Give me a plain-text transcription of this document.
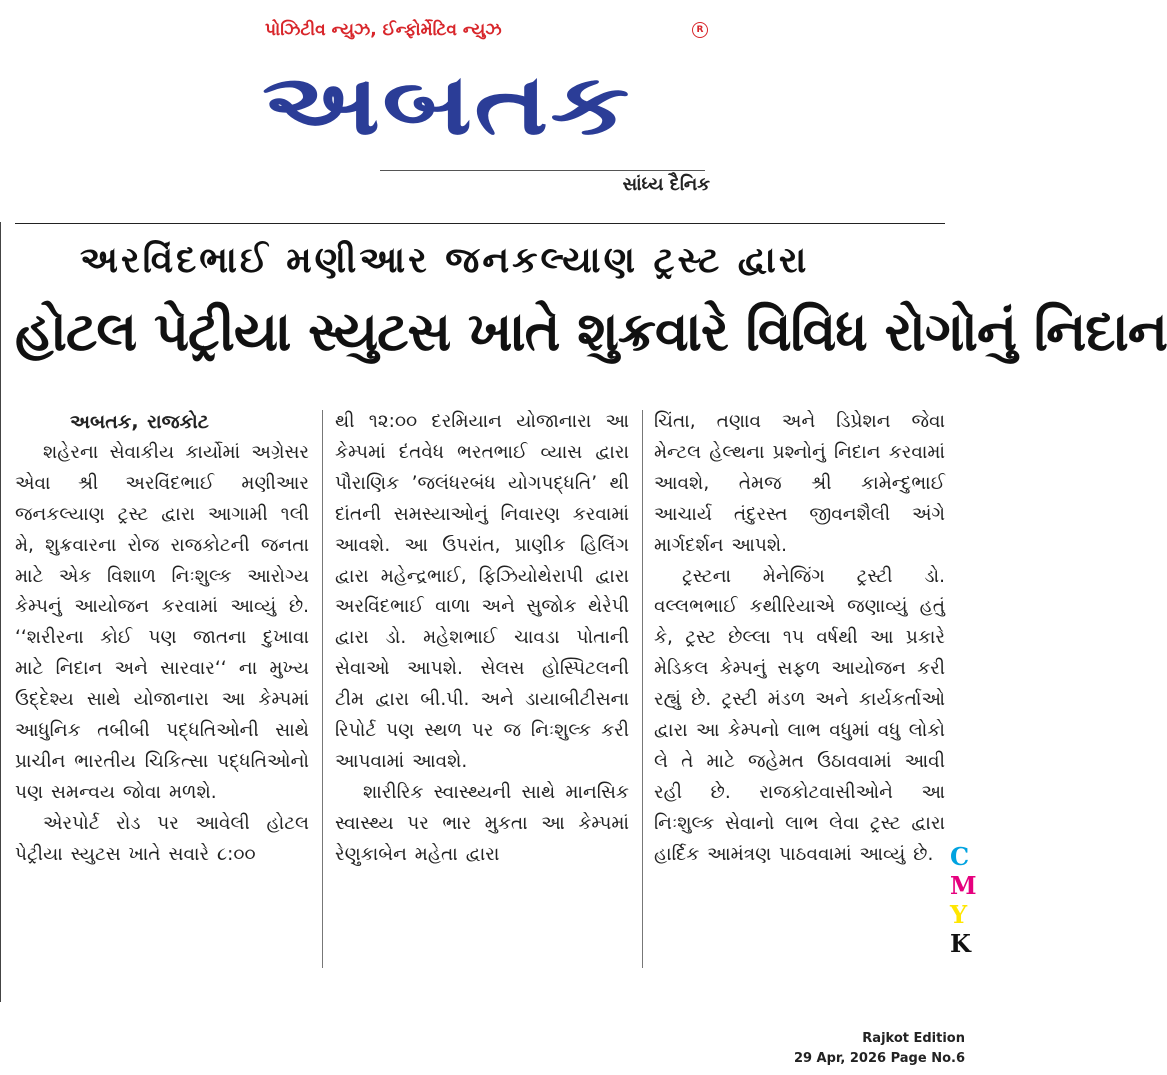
પોઝિટીવ ન્યુઝ, ઈન્ફોર્મેટિવ ન્યુઝ	R
અબતક
સાંધ્ય દૈનિક
અરવિંદભાઈ મણીઆર જનકલ્યાણ ટ્રસ્ટ દ્વારા
હોટલ પેટ્રીયા સ્યુટસ ખાતે શુક્રવારે વિવિધ રોગોનું નિદાન
અબતક, રાજકોટ

શહેરના સેવાકીય કાર્યોમાં અગ્રેસર એવા શ્રી અરવિંદભાઈ મણીઆર જનકલ્યાણ ટ્રસ્ટ દ્વારા આગામી ૧લી મે, શુક્રવારના રોજ રાજકોટની જનતા માટે એક વિશાળ નિઃશુલ્ક આરોગ્ય કેમ્પનું આયોજન કરવામાં આવ્યું છે. ‘‘શરીરના કોઈ પણ જાતના દુખાવા માટે નિદાન અને સારવાર‘‘ ના મુખ્ય ઉદ્દેશ્ય સાથે યોજાનારા આ કેમ્પમાં આધુનિક તબીબી પદ્ધતિઓની સાથે પ્રાચીન ભારતીય ચિકિત્સા પદ્ધતિઓનો પણ સમન્વય જોવા મળશે.

એરપોર્ટ રોડ પર આવેલી હોટલ પેટ્રીયા સ્યુટસ ખાતે સવારે ૮:૦૦

થી ૧૨:૦૦ દરમિયાન યોજાનારા આ કેમ્પમાં દંતવેધ ભરતભાઈ વ્યાસ દ્વારા પૌરાણિક ’જલંધરબંધ યોગપદ્ધતિ’ થી દાંતની સમસ્યાઓનું નિવારણ કરવામાં આવશે. આ ઉપરાંત, પ્રાણીક હિલિંગ દ્વારા મહેન્દ્રભાઈ, ફિઝિયોથેરાપી દ્વારા અરવિંદભાઈ વાળા અને સુજોક થેરેપી દ્વારા ડો. મહેશભાઈ ચાવડા પોતાની સેવાઓ આપશે. સેલસ હોસ્પિટલની ટીમ દ્વારા બી.પી. અને ડાયાબીટીસના રિપોર્ટ પણ સ્થળ પર જ નિઃશુલ્ક કરી આપવામાં આવશે.

શારીરિક સ્વાસ્થ્યની સાથે માનસિક સ્વાસ્થ્ય પર ભાર મુકતા આ કેમ્પમાં રેણુકાબેન મહેતા દ્વારા

ચિંતા, તણાવ અને ડિપ્રેશન જેવા મેન્ટલ હેલ્થના પ્રશ્નોનું નિદાન કરવામાં આવશે, તેમજ શ્રી કામેન્દુભાઈ આચાર્ય તંદુરસ્ત જીવનશૈલી અંગે માર્ગદર્શન આપશે.

ટ્રસ્ટના મેનેજિંગ ટ્રસ્ટી ડો. વલ્લભભાઈ કથીરિયાએ જણાવ્યું હતું કે, ટ્રસ્ટ છેલ્લા ૧૫ વર્ષથી આ પ્રકારે મેડિકલ કેમ્પનું સફળ આયોજન કરી રહ્યું છે. ટ્રસ્ટી મંડળ અને કાર્યકર્તાઓ દ્વારા આ કેમ્પનો લાભ વધુમાં વધુ લોકો લે તે માટે જહેમત ઉઠાવવામાં આવી રહી છે. રાજકોટવાસીઓને આ નિઃશુલ્ક સેવાનો લાભ લેવા ટ્રસ્ટ દ્વારા હાર્દિક આમંત્રણ પાઠવવામાં આવ્યું છે. C
M
Y
K
Rajkot Edition
29 Apr, 2026 Page No.6
